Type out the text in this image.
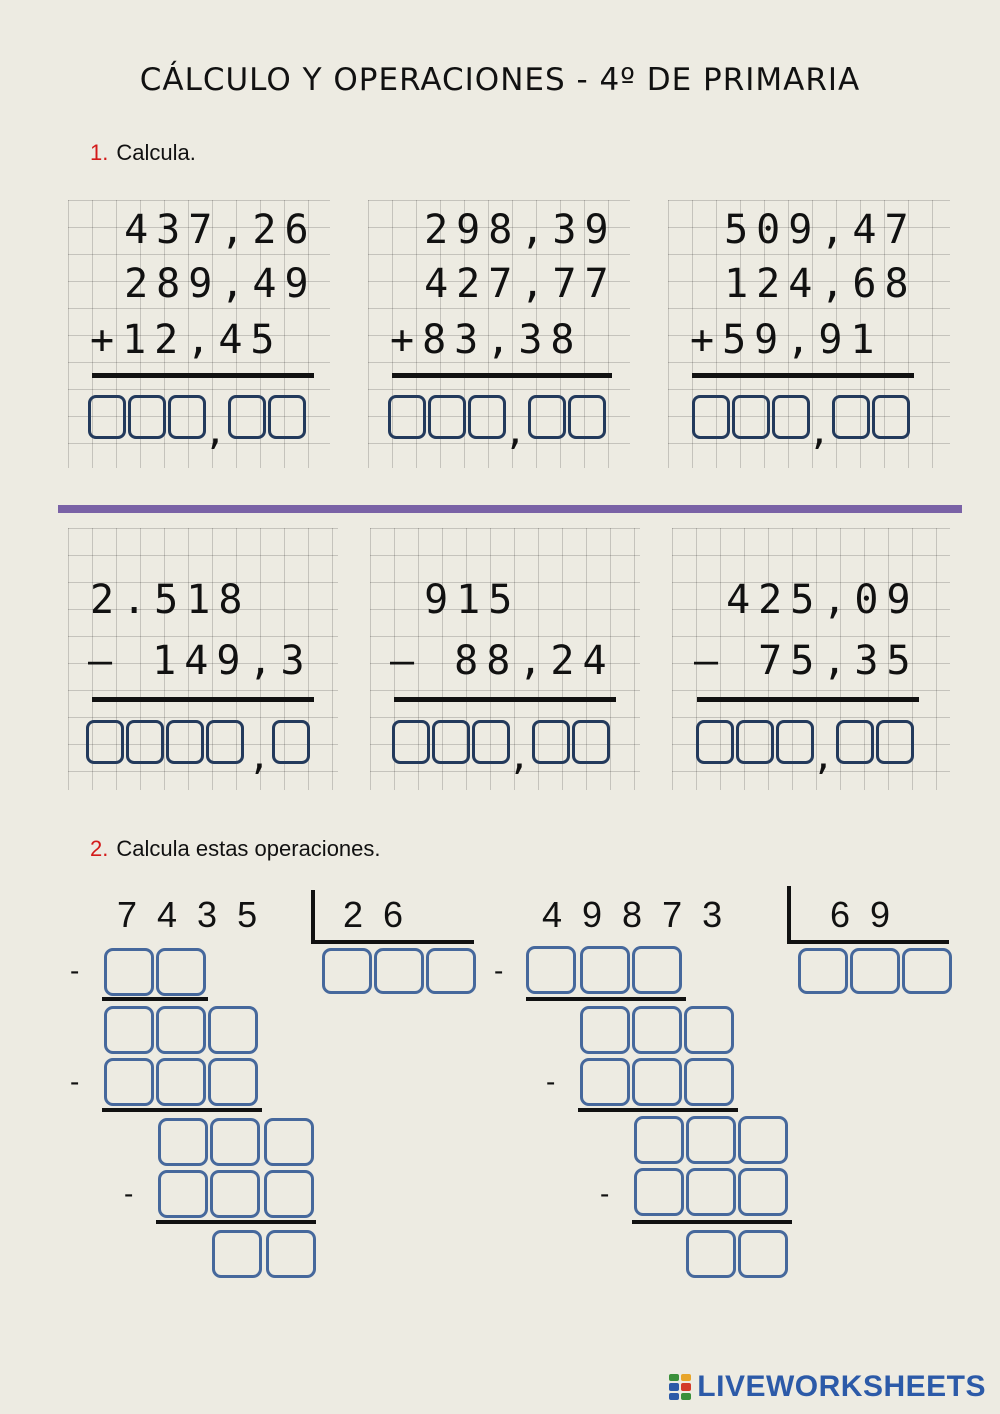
CÁLCULO Y OPERACIONES - 4º DE PRIMARIA
1. Calcula.
437,26
289,49
+12,45
298,39
427,77
+83,38
509,47
124,68
+59,91
,	,	,
2.518
— 149,3
915
— 88,24
425,09
— 75,35
,	,	,
2. Calcula estas operaciones.
7435 26
-
-
-
49873 69
-
-
-
LIVEWORKSHEETS
